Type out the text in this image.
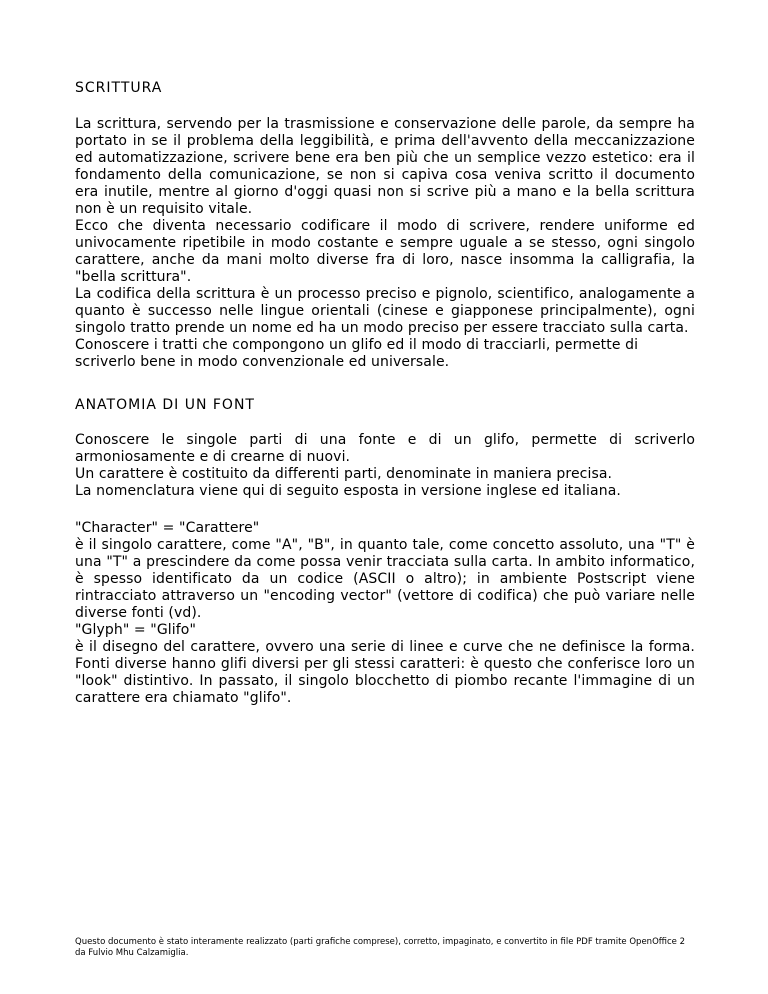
SCRITTURA

La scrittura, servendo per la trasmissione e conservazione delle parole, da sempre ha portato in se il problema della leggibilità, e prima dell'avvento della meccanizzazione ed automatizzazione, scrivere bene era ben più che un semplice vezzo estetico: era il fondamento della comunicazione, se non si capiva cosa veniva scritto il documento era inutile, mentre al giorno d'oggi quasi non si scrive più a mano e la bella scrittura non è un requisito vitale.

Ecco che diventa necessario codificare il modo di scrivere, rendere uniforme ed univocamente ripetibile in modo costante e sempre uguale a se stesso, ogni singolo carattere, anche da mani molto diverse fra di loro, nasce insomma la calligrafia, la "bella scrittura".

La codifica della scrittura è un processo preciso e pignolo, scientifico, analogamente a quanto è successo nelle lingue orientali (cinese e giapponese principalmente), ogni singolo tratto prende un nome ed ha un modo preciso per essere tracciato sulla carta.

Conoscere i tratti che compongono un glifo ed il modo di tracciarli, permette di scriverlo bene in modo convenzionale ed universale.

ANATOMIA DI UN FONT

Conoscere le singole parti di una fonte e di un glifo, permette di scriverlo armoniosamente e di crearne di nuovi.

Un carattere è costituito da differenti parti, denominate in maniera precisa.

La nomenclatura viene qui di seguito esposta in versione inglese ed italiana.

"Character" = "Carattere"

è il singolo carattere, come "A", "B", in quanto tale, come concetto assoluto, una "T" è una "T" a prescindere da come possa venir tracciata sulla carta. In ambito informatico, è spesso identificato da un codice (ASCII o altro); in ambiente Postscript viene rintracciato attraverso un "encoding vector" (vettore di codifica) che può variare nelle diverse fonti (vd).

"Glyph" = "Glifo"

è il disegno del carattere, ovvero una serie di linee e curve che ne definisce la forma. Fonti diverse hanno glifi diversi per gli stessi caratteri: è questo che conferisce loro un "look" distintivo. In passato, il singolo blocchetto di piombo recante l'immagine di un carattere era chiamato "glifo".

Questo documento è stato interamente realizzato (parti grafiche comprese), corretto, impaginato, e convertito in file PDF tramite OpenOffice 2 da Fulvio Mhu Calzamiglia.
